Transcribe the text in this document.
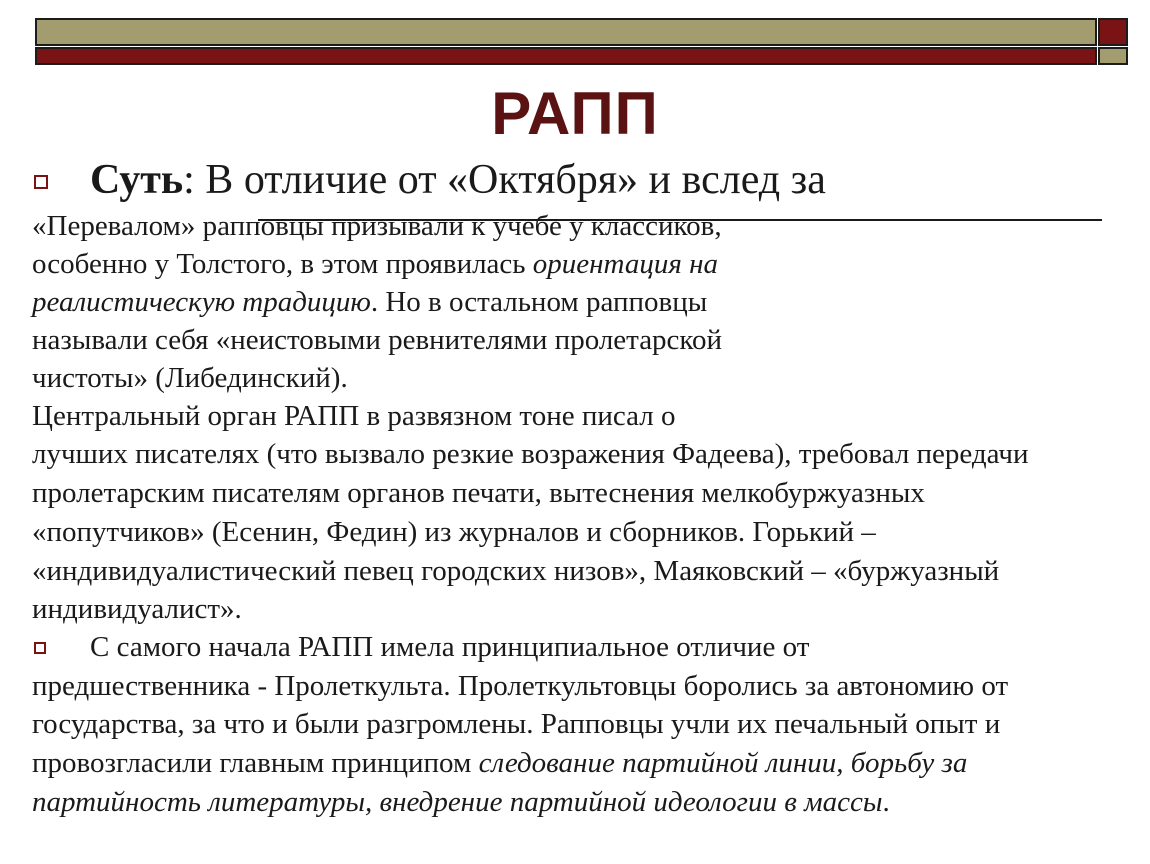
РАПП
Суть: В отличие от «Октября» и вслед за
«Перевалом» рапповцы призывали к учебе у классиков,
особенно у Толстого, в этом проявилась ориентация на
реалистическую традицию. Но в остальном рапповцы
называли себя «неистовыми ревнителями пролетарской
чистоты» (Либединский).
Центральный орган РАПП в развязном тоне писал о
лучших писателях (что вызвало резкие возражения Фадеева), требовал передачи
пролетарским писателям органов печати, вытеснения мелкобуржуазных
«попутчиков» (Есенин, Федин) из журналов и сборников. Горький –
«индивидуалистический певец городских низов», Маяковский – «буржуазный
индивидуалист».
С самого начала РАПП имела принципиальное отличие от
предшественника - Пролеткульта. Пролеткультовцы боролись за автономию от
государства, за что и были разгромлены. Рапповцы учли их печальный опыт и
провозгласили главным принципом следование партийной линии, борьбу за
партийность литературы, внедрение партийной идеологии в массы.
